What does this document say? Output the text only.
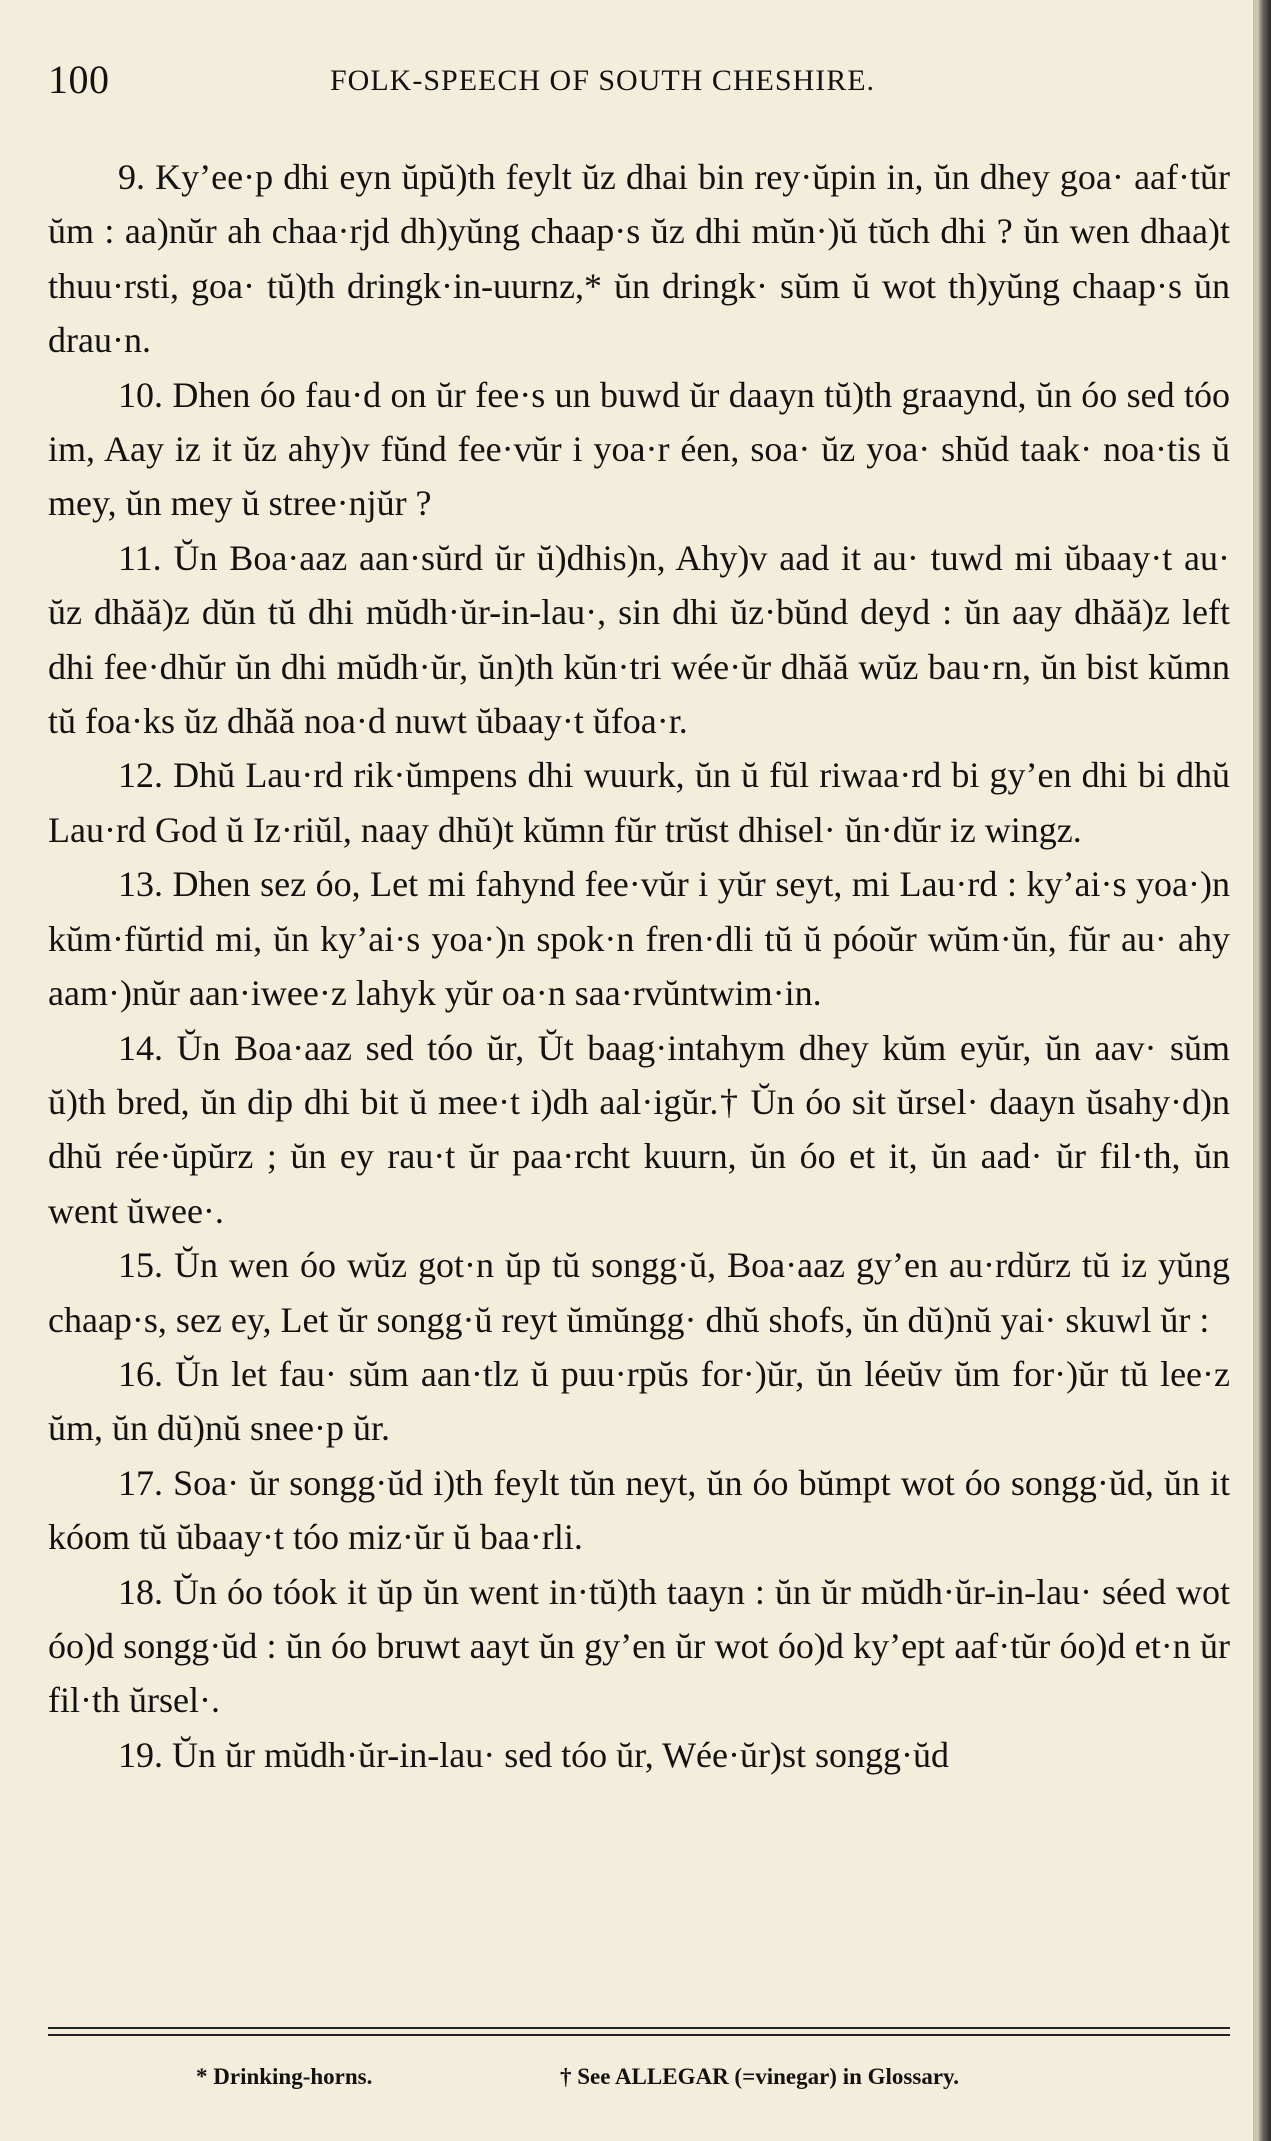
100	FOLK-SPEECH OF SOUTH CHESHIRE.

9. Ky’ee·p dhi eyn ŭpŭ)th feylt ŭz dhai bin rey·ŭpin in, ŭn dhey goa· aaf·tŭr ŭm : aa)nŭr ah chaa·rjd dh)yŭng chaap·s ŭz dhi mŭn·)ŭ tŭch dhi ? ŭn wen dhaa)t thuu·rsti, goa· tŭ)th dringk·in-uurnz,* ŭn dringk· sŭm ŭ wot th)yŭng chaap·s ŭn drau·n.

10. Dhen óo fau·d on ŭr fee·s un buwd ŭr daayn tŭ)th graaynd, ŭn óo sed tóo im, Aay iz it ŭz ahy)v fŭnd fee·vŭr i yoa·r éen, soa· ŭz yoa· shŭd taak· noa·tis ŭ mey, ŭn mey ŭ stree·njŭr ?

11. Ŭn Boa·aaz aan·sŭrd ŭr ŭ)dhis)n, Ahy)v aad it au· tuwd mi ŭbaay·t au· ŭz dhăă)z dŭn tŭ dhi mŭdh·ŭr-in-lau·, sin dhi ŭz·bŭnd deyd : ŭn aay dhăă)z left dhi fee·dhŭr ŭn dhi mŭdh·ŭr, ŭn)th kŭn·tri wée·ŭr dhăă wŭz bau·rn, ŭn bist kŭmn tŭ foa·ks ŭz dhăă noa·d nuwt ŭbaay·t ŭfoa·r.

12. Dhŭ Lau·rd rik·ŭmpens dhi wuurk, ŭn ŭ fŭl riwaa·rd bi gy’en dhi bi dhŭ Lau·rd God ŭ Iz·riŭl, naay dhŭ)t kŭmn fŭr trŭst dhisel· ŭn·dŭr iz wingz.

13. Dhen sez óo, Let mi fahynd fee·vŭr i yŭr seyt, mi Lau·rd : ky’ai·s yoa·)n kŭm·fŭrtid mi, ŭn ky’ai·s yoa·)n spok·n fren·dli tŭ ŭ póoŭr wŭm·ŭn, fŭr au· ahy aam·)nŭr aan·iwee·z lahyk yŭr oa·n saa·rvŭntwim·in.

14. Ŭn Boa·aaz sed tóo ŭr, Ŭt baag·intahym dhey kŭm eyŭr, ŭn aav· sŭm ŭ)th bred, ŭn dip dhi bit ŭ mee·t i)dh aal·igŭr.† Ŭn óo sit ŭrsel· daayn ŭsahy·d)n dhŭ rée·ŭpŭrz ; ŭn ey rau·t ŭr paa·rcht kuurn, ŭn óo et it, ŭn aad· ŭr fil·th, ŭn went ŭwee·.

15. Ŭn wen óo wŭz got·n ŭp tŭ songg·ŭ, Boa·aaz gy’en au·rdŭrz tŭ iz yŭng chaap·s, sez ey, Let ŭr songg·ŭ reyt ŭmŭngg· dhŭ shofs, ŭn dŭ)nŭ yai· skuwl ŭr :

16. Ŭn let fau· sŭm aan·tlz ŭ puu·rpŭs for·)ŭr, ŭn léeŭv ŭm for·)ŭr tŭ lee·z ŭm, ŭn dŭ)nŭ snee·p ŭr.

17. Soa· ŭr songg·ŭd i)th feylt tŭn neyt, ŭn óo bŭmpt wot óo songg·ŭd, ŭn it kóom tŭ ŭbaay·t tóo miz·ŭr ŭ baa·rli.

18. Ŭn óo tóok it ŭp ŭn went in·tŭ)th taayn : ŭn ŭr mŭdh·ŭr-in-lau· séed wot óo)d songg·ŭd : ŭn óo bruwt aayt ŭn gy’en ŭr wot óo)d ky’ept aaf·tŭr óo)d et·n ŭr fil·th ŭrsel·.

19. Ŭn ŭr mŭdh·ŭr-in-lau· sed tóo ŭr, Wée·ŭr)st songg·ŭd

* Drinking-horns.	† See ALLEGAR (=vinegar) in Glossary.
